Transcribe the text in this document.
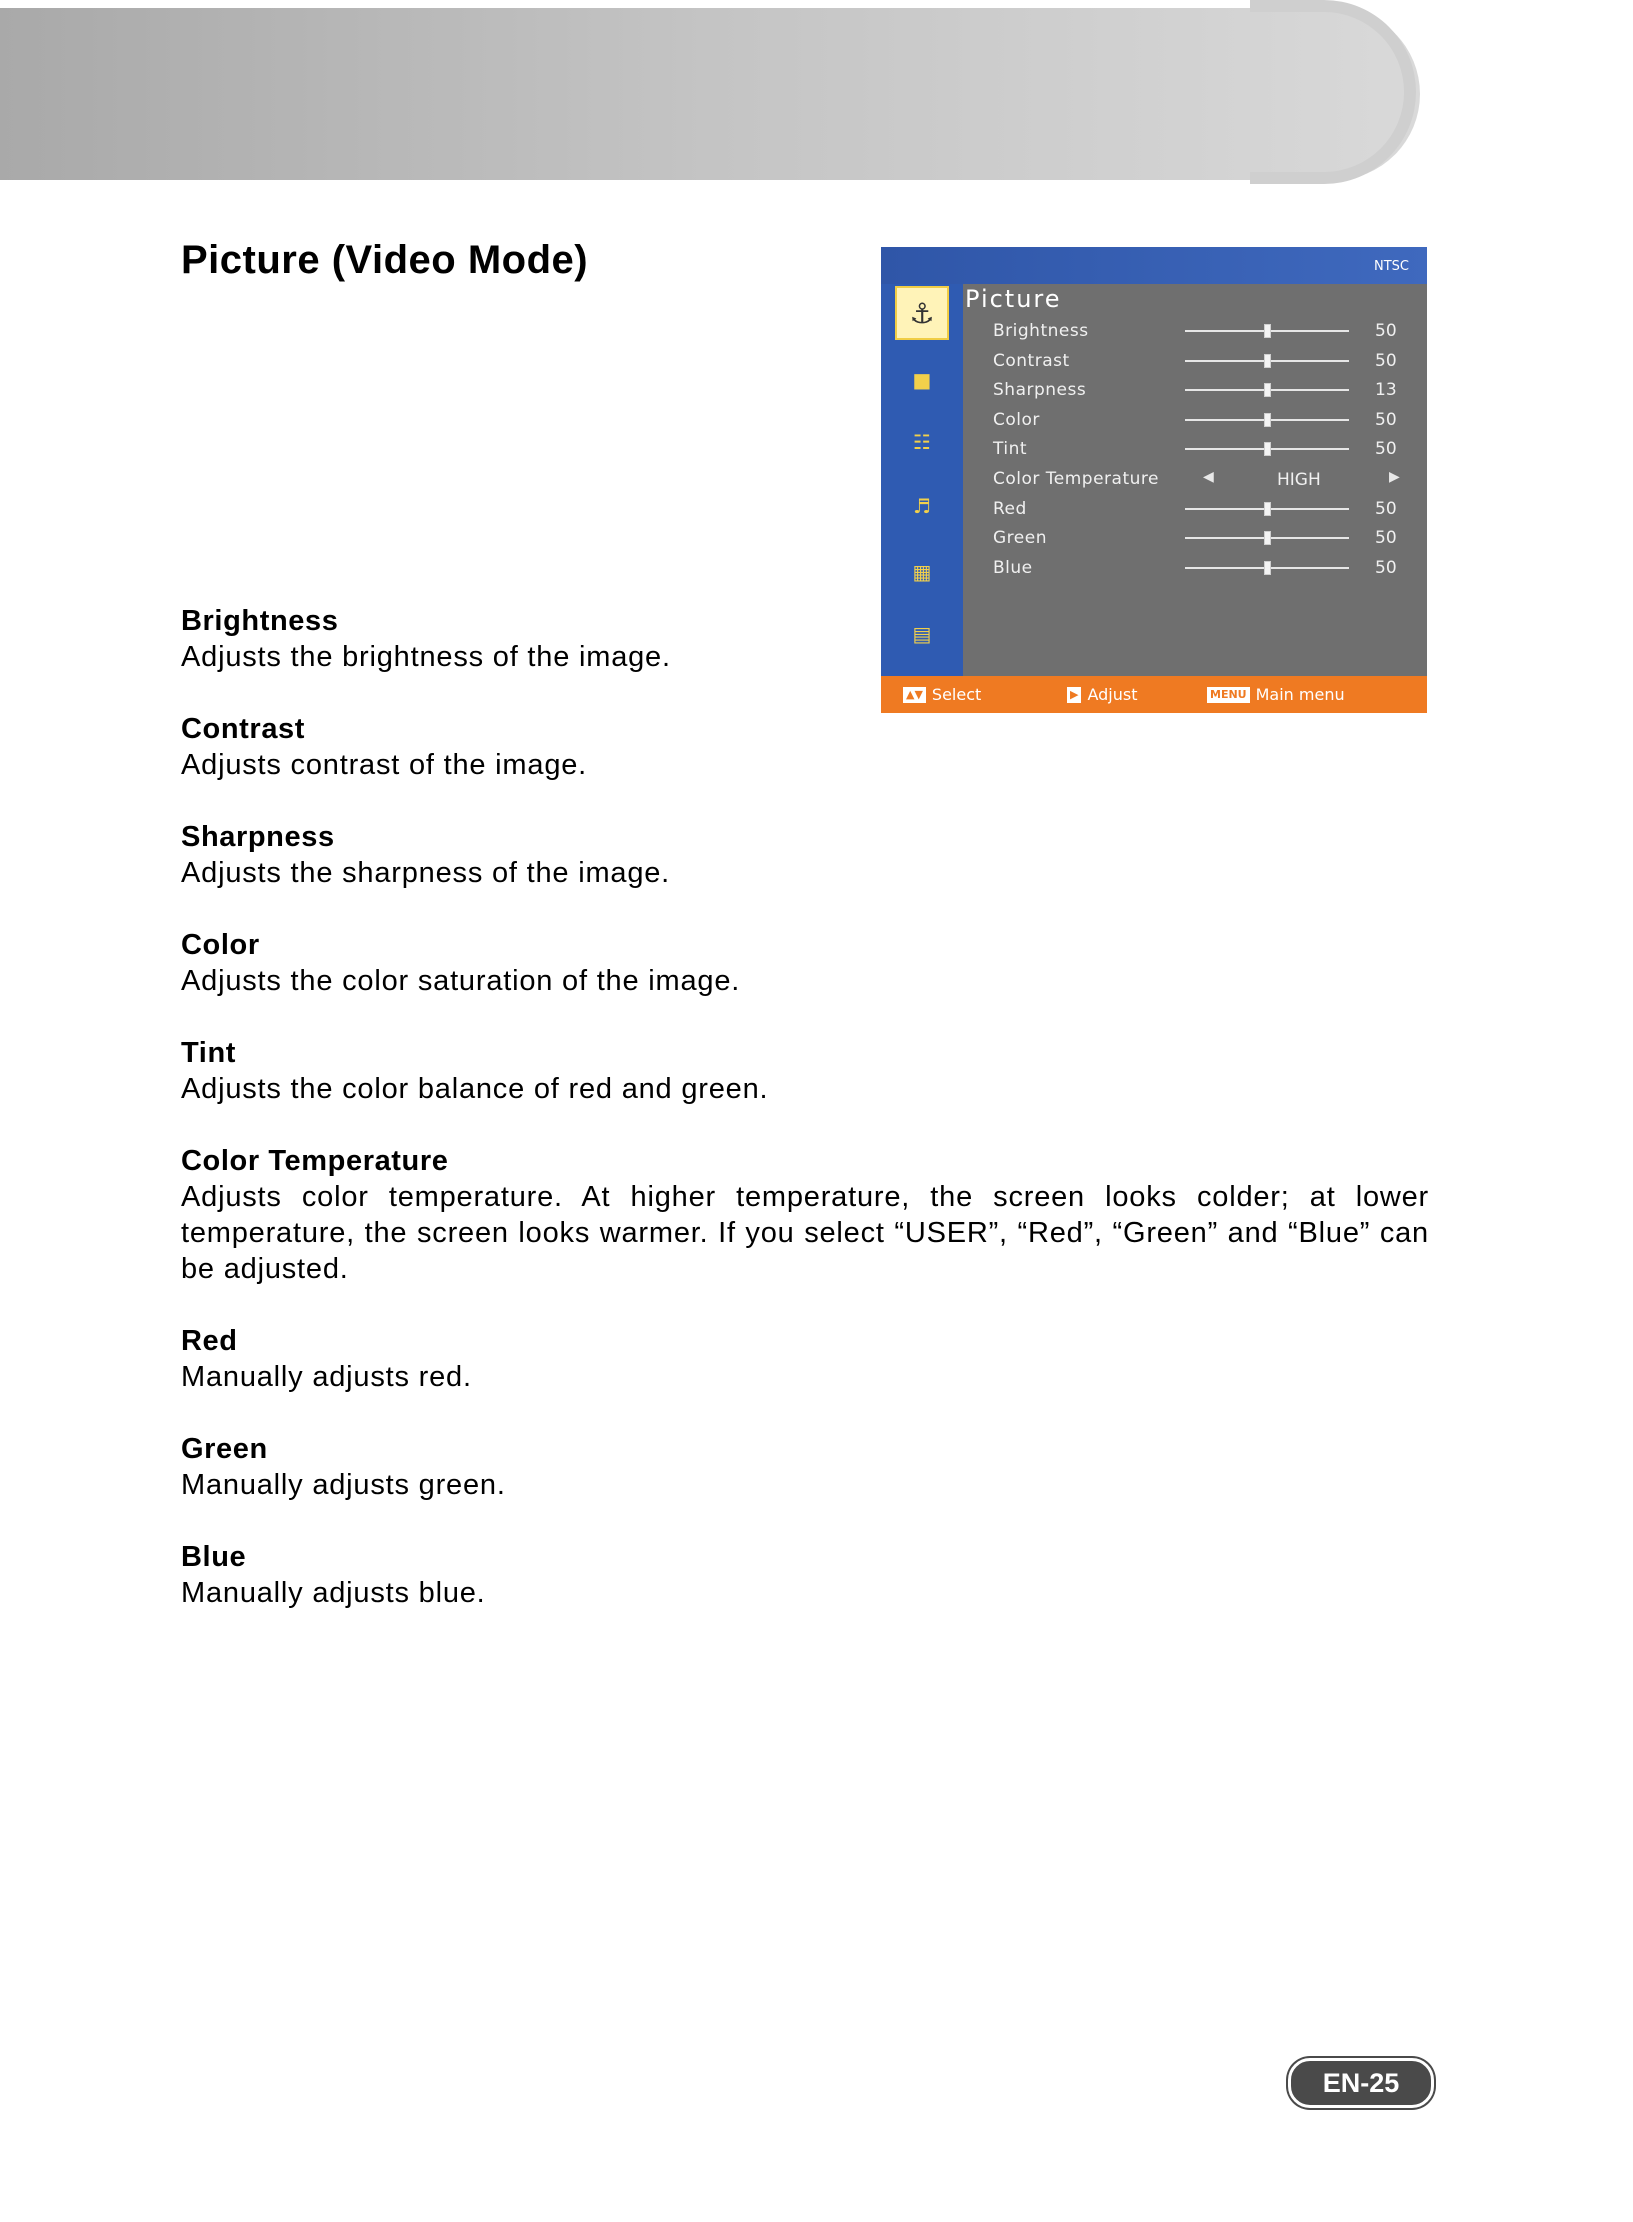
Picture (Video Mode)	NTSC
⚓
■
☷
♬
▦
▤
Picture
Brightness	50
Contrast	50
Sharpness	13
Color	50
Tint	50
Color Temperature	◀	HIGH	▶
Red	50
Green	50
Blue	50
▲▼ Select	▶ Adjust	MENU Main menu

Brightness

Adjusts the brightness of the image.

Contrast

Adjusts contrast of the image.

Sharpness

Adjusts the sharpness of the image.

Color

Adjusts the color saturation of the image.

Tint

Adjusts the color balance of red and green.

Color Temperature

Adjusts color temperature. At higher temperature, the screen looks colder; at lower temperature, the screen looks warmer. If you select “USER”, “Red”, “Green” and “Blue” can be adjusted.

Red

Manually adjusts red.

Green

Manually adjusts green.

Blue

Manually adjusts blue.

EN-25
